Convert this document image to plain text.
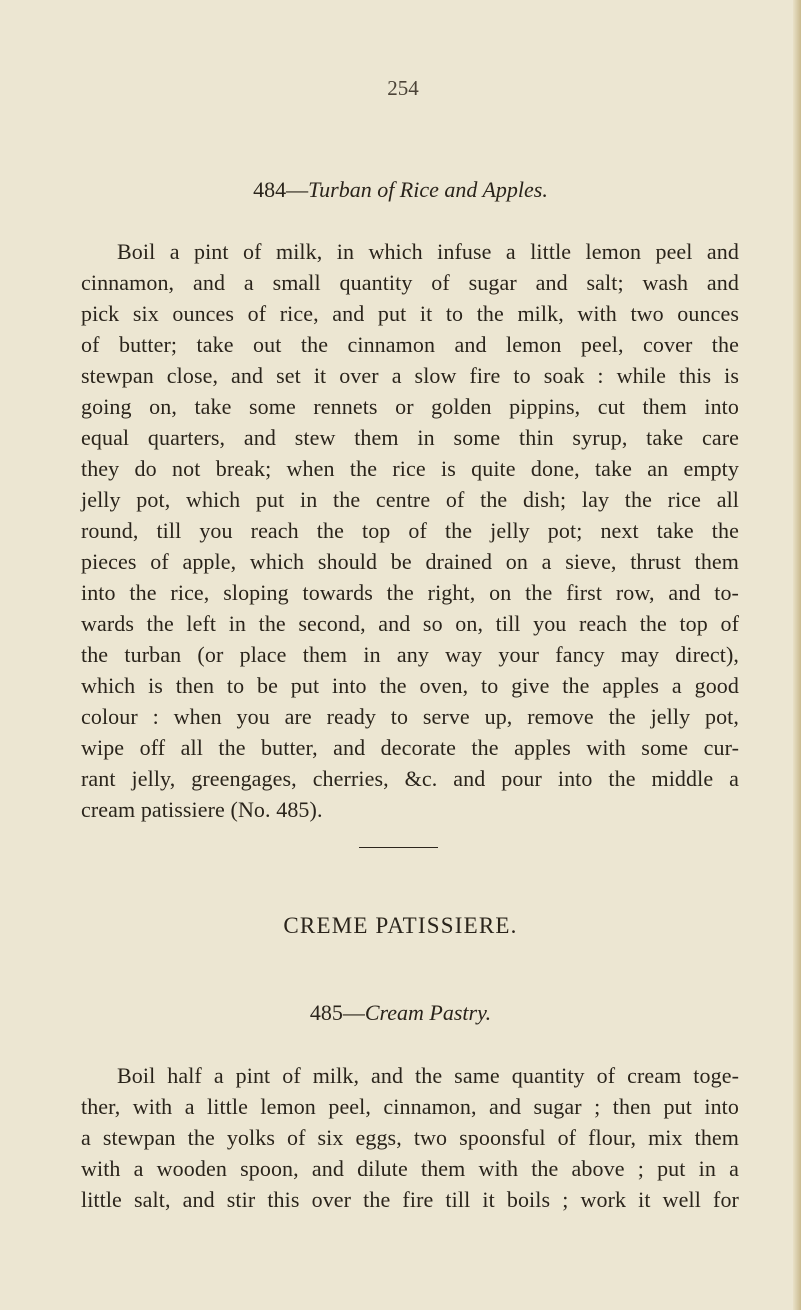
254
484—Turban of Rice and Apples.
Boil a pint of milk, in which infuse a little lemon peel and
cinnamon, and a small quantity of sugar and salt; wash and
pick six ounces of rice, and put it to the milk, with two ounces
of butter; take out the cinnamon and lemon peel, cover the
stewpan close, and set it over a slow fire to soak : while this is
going on, take some rennets or golden pippins, cut them into
equal quarters, and stew them in some thin syrup, take care
they do not break; when the rice is quite done, take an empty
jelly pot, which put in the centre of the dish; lay the rice all
round, till you reach the top of the jelly pot; next take the
pieces of apple, which should be drained on a sieve, thrust them
into the rice, sloping towards the right, on the first row, and to-
wards the left in the second, and so on, till you reach the top of
the turban (or place them in any way your fancy may direct),
which is then to be put into the oven, to give the apples a good
colour : when you are ready to serve up, remove the jelly pot,
wipe off all the butter, and decorate the apples with some cur-
rant jelly, greengages, cherries, &c. and pour into the middle a
cream patissiere (No. 485).
CREME PATISSIERE.
485—Cream Pastry.
Boil half a pint of milk, and the same quantity of cream toge-
ther, with a little lemon peel, cinnamon, and sugar ; then put into
a stewpan the yolks of six eggs, two spoonsful of flour, mix them
with a wooden spoon, and dilute them with the above ; put in a
little salt, and stir this over the fire till it boils ; work it well for
